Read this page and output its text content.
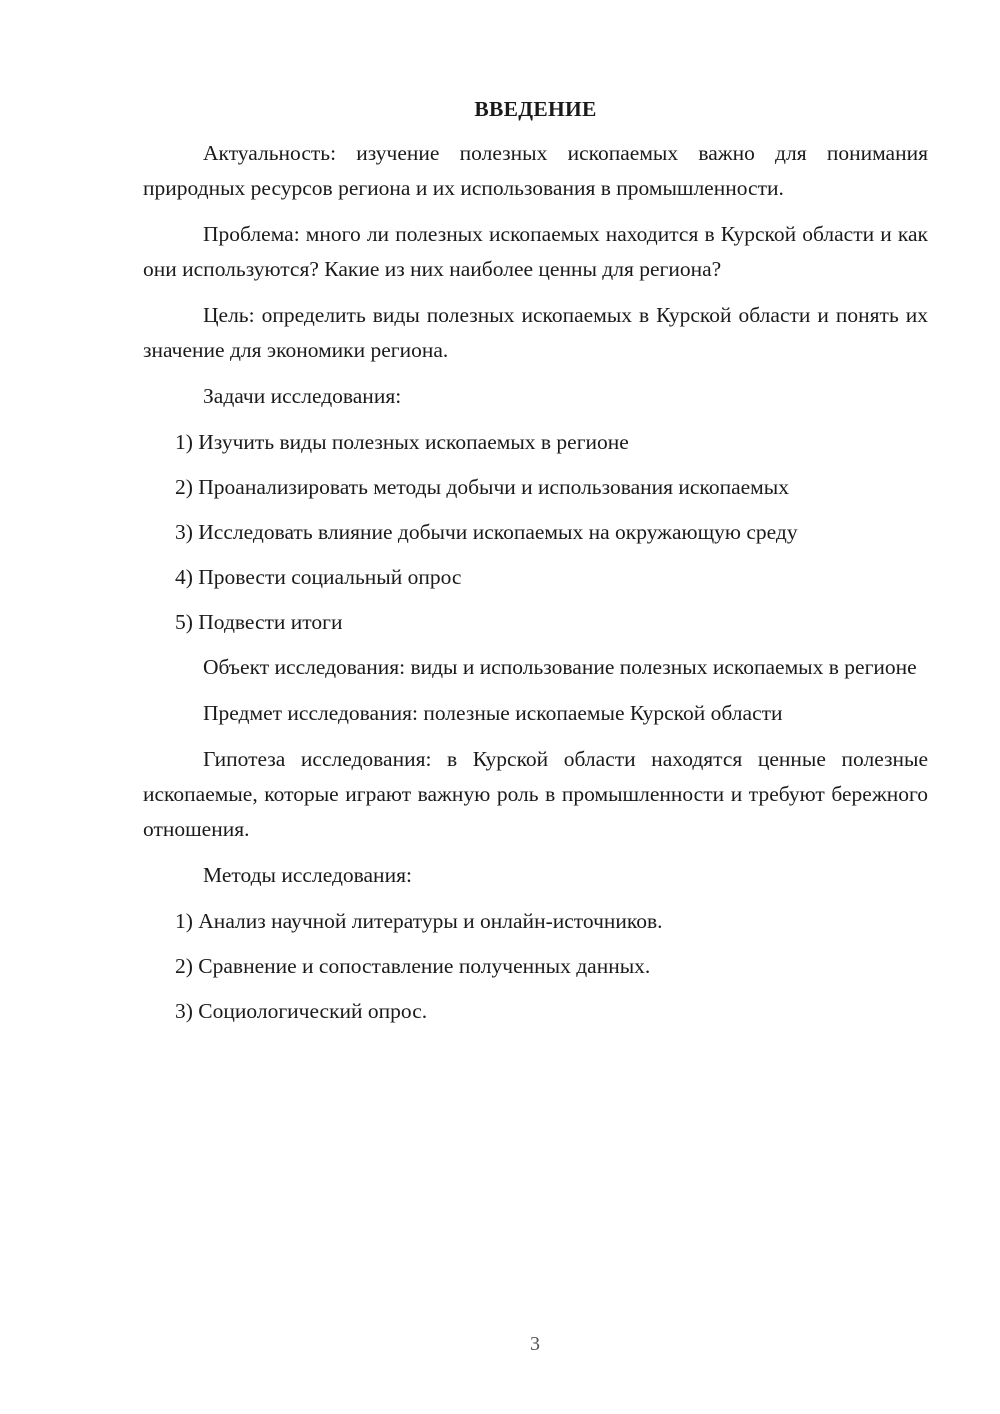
ВВЕДЕНИЕ

Актуальность: изучение полезных ископаемых важно для понимания природных ресурсов региона и их использования в промышленности.

Проблема: много ли полезных ископаемых находится в Курской области и как они используются? Какие из них наиболее ценны для региона?

Цель: определить виды полезных ископаемых в Курской области и понять их значение для экономики региона.

Задачи исследования:

1) Изучить виды полезных ископаемых в регионе
2) Проанализировать методы добычи и использования ископаемых
3) Исследовать влияние добычи ископаемых на окружающую среду
4) Провести социальный опрос
5) Подвести итоги

Объект исследования: виды и использование полезных ископаемых в регионе

Предмет исследования: полезные ископаемые Курской области

Гипотеза исследования: в Курской области находятся ценные полезные ископаемые, которые играют важную роль в промышленности и требуют бережного отношения.

Методы исследования:

1) Анализ научной литературы и онлайн-источников.
2) Сравнение и сопоставление полученных данных.
3) Социологический опрос.
3
